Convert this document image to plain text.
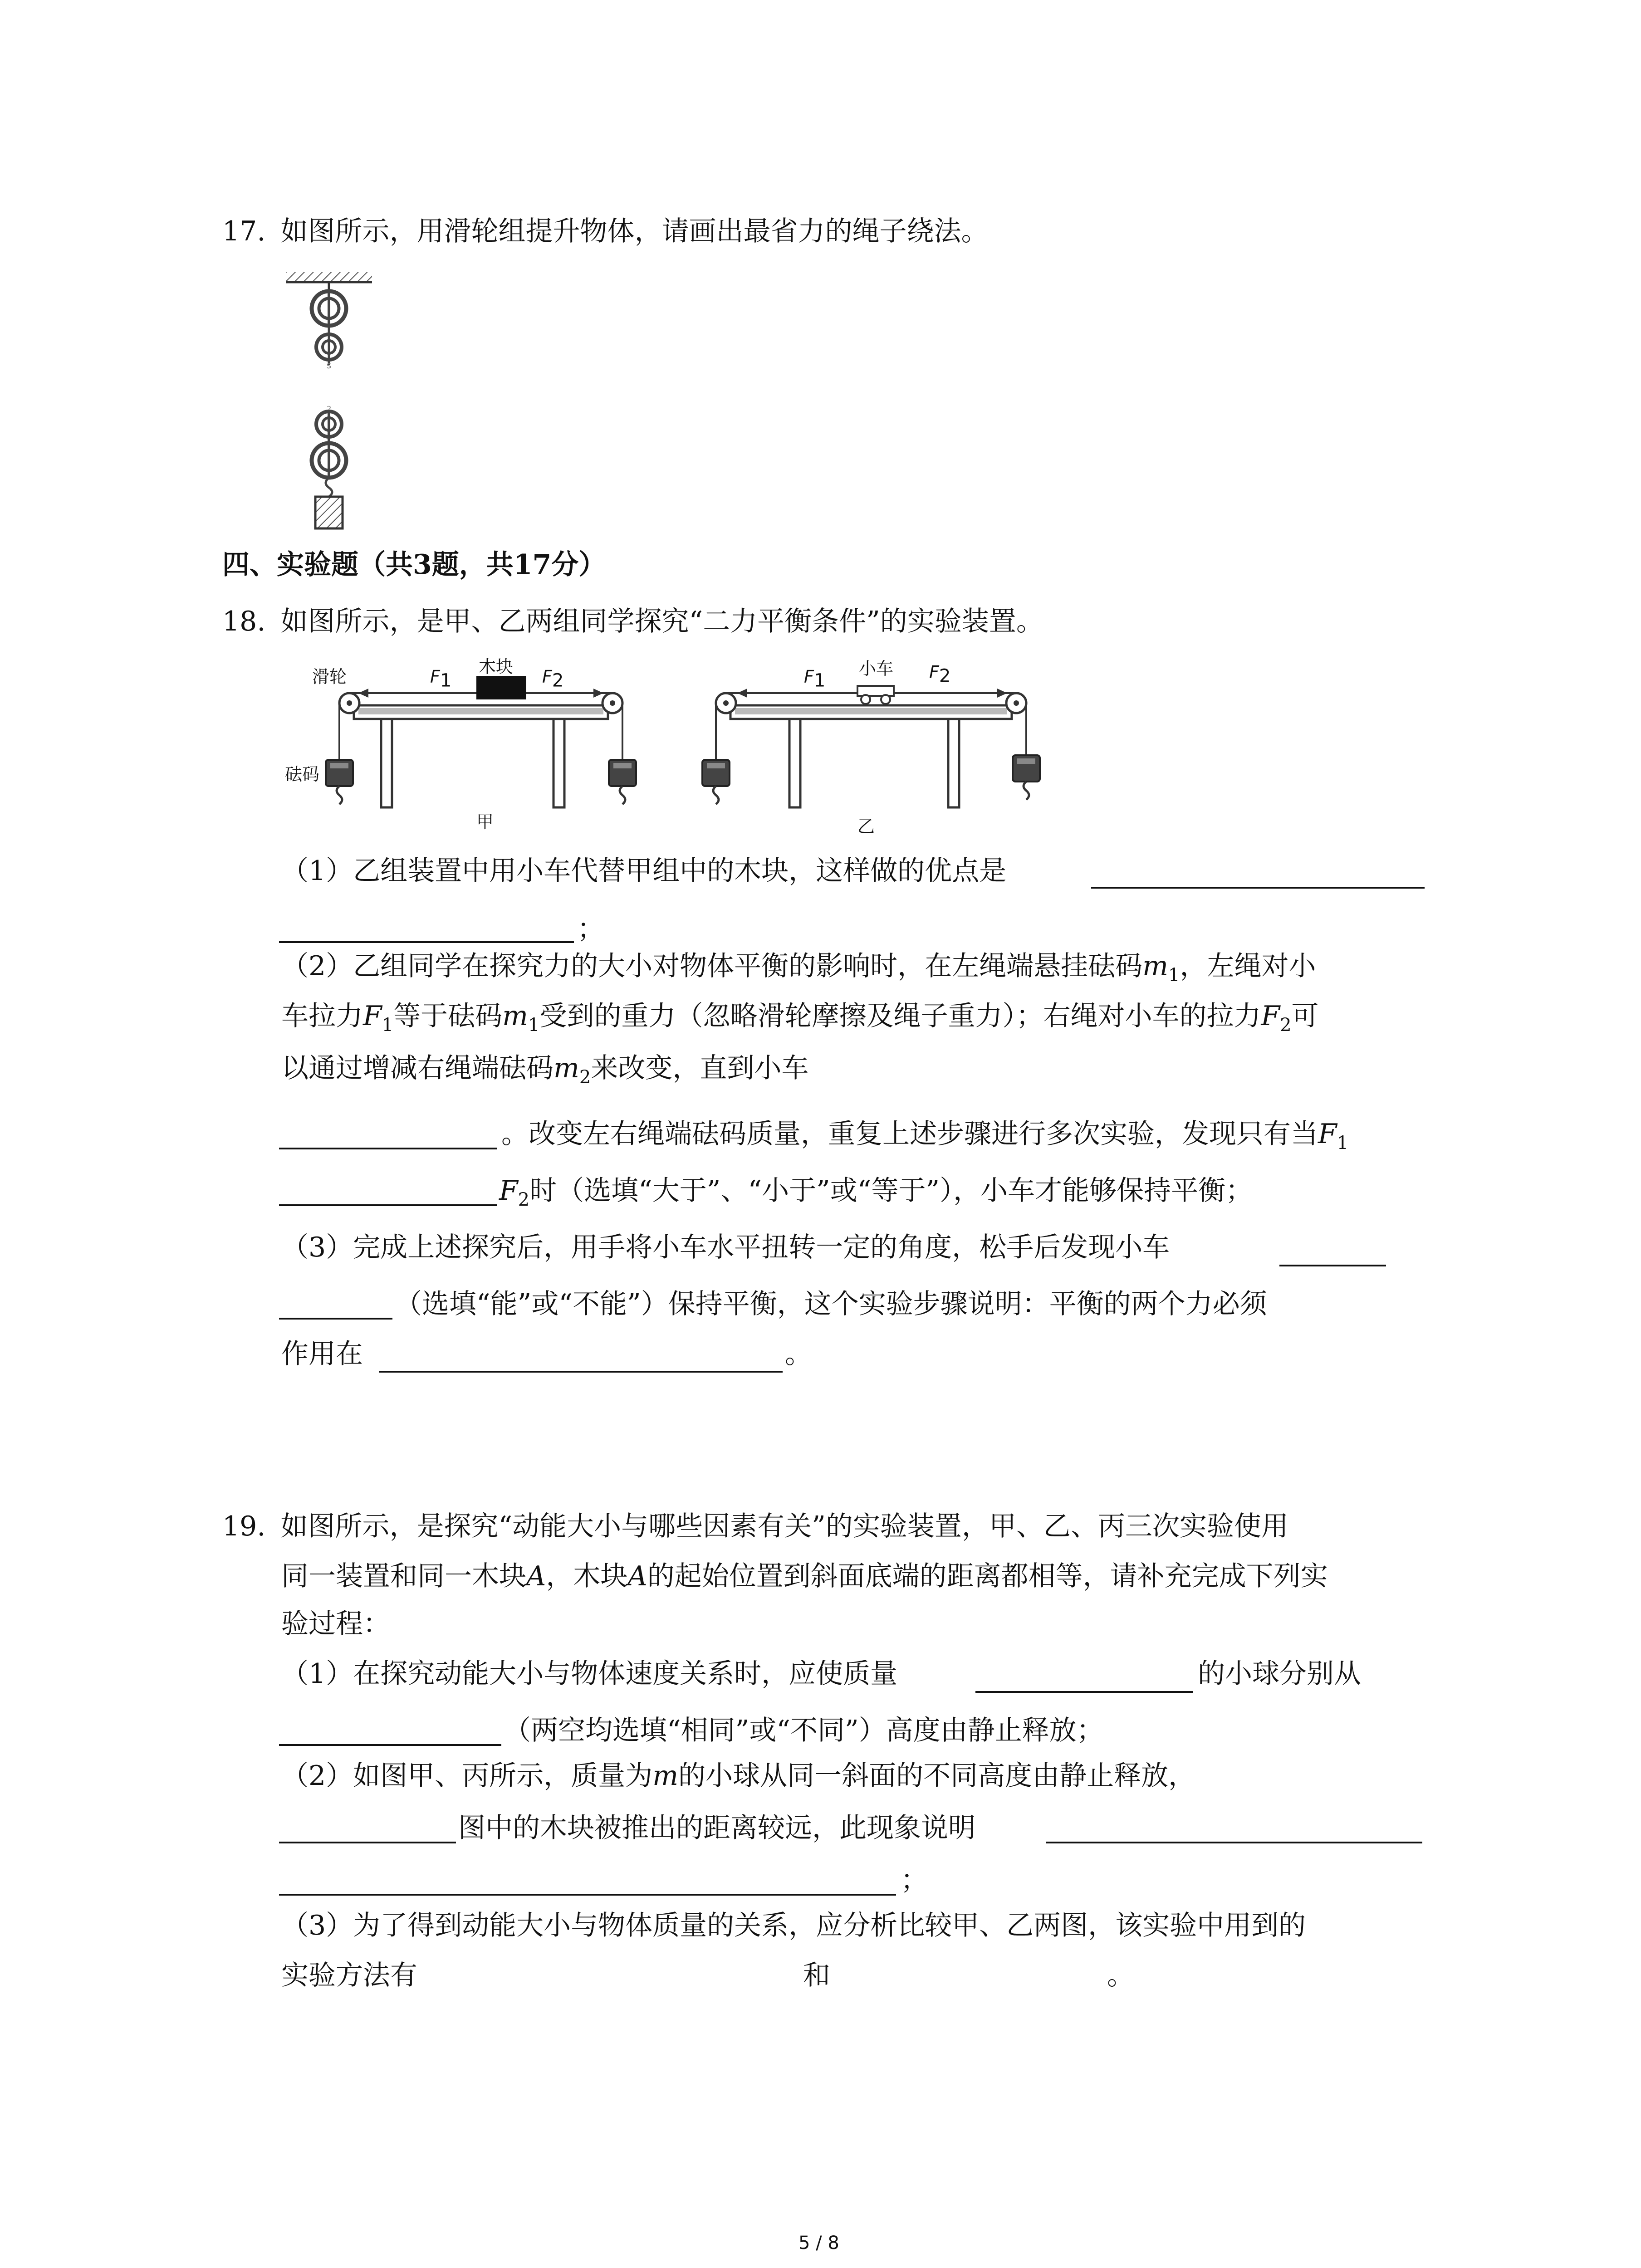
17. 如图所示，用滑轮组提升物体，请画出最省力的绳子绕法。
s
?
四、实验题（共3题，共17分）
18. 如图所示，是甲、乙两组同学探究“二力平衡条件”的实验装置。
滑轮	木块
砝码
$F_1$	$F_2$
甲
小车
$F_1$	$F_2$
乙
（1）乙组装置中用小车代替甲组中的木块，这样做的优点是
；
（2）乙组同学在探究力的大小对物体平衡的影响时，在左绳端悬挂砝码$m_1$，左绳对小
车拉力$F_1$等于砝码$m_1$受到的重力（忽略滑轮摩擦及绳子重力）；右绳对小车的拉力$F_2$可
以通过增减右绳端砝码$m_2$来改变，直到小车
。改变左右绳端砝码质量，重复上述步骤进行多次实验，发现只有当$F_1$
$F_2$时（选填“大于”、“小于”或“等于”），小车才能够保持平衡；
（3）完成上述探究后，用手将小车水平扭转一定的角度，松手后发现小车
（选填“能”或“不能”）保持平衡，这个实验步骤说明：平衡的两个力必须
作用在	。
19. 如图所示，是探究“动能大小与哪些因素有关”的实验装置，甲、乙、丙三次实验使用
同一装置和同一木块A，木块A的起始位置到斜面底端的距离都相等，请补充完成下列实
验过程：
（1）在探究动能大小与物体速度关系时，应使质量	的小球分别从
（两空均选填“相同”或“不同”）高度由静止释放；
（2）如图甲、丙所示，质量为m的小球从同一斜面的不同高度由静止释放，
图中的木块被推出的距离较远，此现象说明
；
（3）为了得到动能大小与物体质量的关系，应分析比较甲、乙两图，该实验中用到的
实验方法有	和	。
5 / 8
